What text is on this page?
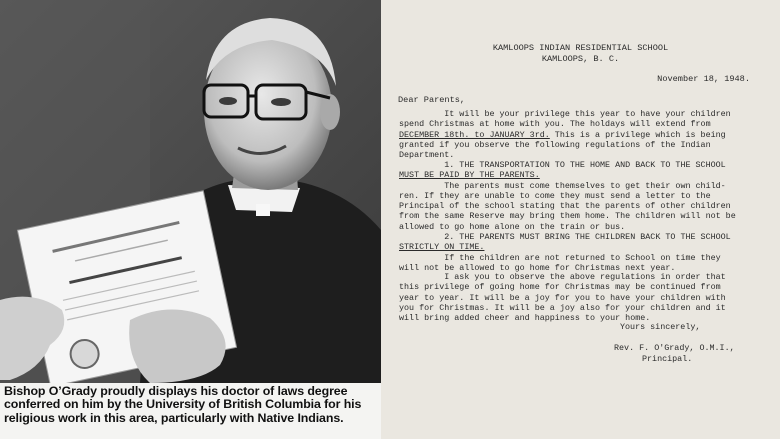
Bishop O’Grady proudly displays his doctor of laws degree conferred on him by the University of British Columbia for his religious work in this area, particularly with Native Indians.
KAMLOOPS INDIAN RESIDENTIAL SCHOOL
KAMLOOPS, B. C.
November 18, 1948.
Dear Parents,
It will be your privilege this year to have your children
spend Christmas at home with you. The holdays will extend from
DECEMBER 18th. to JANUARY 3rd. This is a privilege which is being
granted if you observe the following regulations of the Indian
Department.
1. THE TRANSPORTATION TO THE HOME AND BACK TO THE SCHOOL
MUST BE PAID BY THE PARENTS.
The parents must come themselves to get their own child-
ren. If they are unable to come they must send a letter to the
Principal of the school stating that the parents of other children
from the same Reserve may bring them home. The children will not be
allowed to go home alone on the train or bus.
2. THE PARENTS MUST BRING THE CHILDREN BACK TO THE SCHOOL
STRICTLY ON TIME.
If the children are not returned to School on time they
will not be allowed to go home for Christmas next year.
I ask you to observe the above regulations in order that
this privilege of going home for Christmas may be continued from
year to year. It will be a joy for you to have your children with
you for Christmas. It will be a joy also for your children and it
will bring added cheer and happiness to your home.
Yours sincerely,
Rev. F. O'Grady, O.M.I.,
Principal.
